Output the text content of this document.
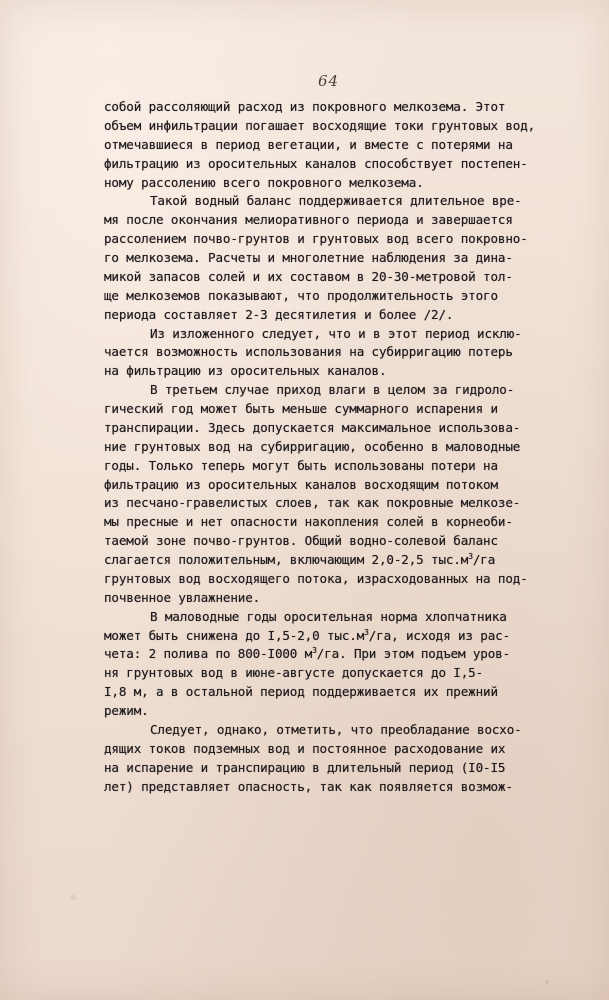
64
собой рассоляющий расход из покровного мелкозема. Этот
объем инфильтрации погашает восходящие токи грунтовых вод,
отмечавшиеся в период вегетации, и вместе с потерями на
фильтрацию из оросительных каналов способствует постепен-
ному рассолению всего покровного мелкозема.
Такой водный баланс поддерживается длительное вре-
мя после окончания мелиоративного периода и завершается
рассолением почво-грунтов и грунтовых вод всего покровно-
го мелкозема. Расчеты и многолетние наблюдения за дина-
микой запасов солей и их составом в 20-30-метровой тол-
ще мелкоземов показывают, что продолжительность этого
периода составляет 2-3 десятилетия и более /2/.
Из изложенного следует, что и в этот период исклю-
чается возможность использования на субирригацию потерь
на фильтрацию из оросительных каналов.
В третьем случае приход влаги в целом за гидроло-
гический год может быть меньше суммарного испарения и
транспирации. Здесь допускается максимальное использова-
ние грунтовых вод на субирригацию, особенно в маловодные
годы. Только теперь могут быть использованы потери на
фильтрацию из оросительных каналов восходящим потоком
из песчано-гравелистых слоев, так как покровные мелкозе-
мы пресные и нет опасности накопления солей в корнеоби-
таемой зоне почво-грунтов. Общий водно-солевой баланс
слагается положительным, включающим 2,0-2,5 $тыс.м^3/га$
грунтовых вод восходящего потока, израсходованных на под-
почвенное увлажнение.
В маловодные годы оросительная норма хлопчатника
может быть снижена до I,5-2,0 $тыс.м^3/га$, исходя из рас-
чета: 2 полива по 800-I000 $м^3/га$. При этом подъем уров-
ня грунтовых вод в июне-августе допускается до I,5-
I,8 м, а в остальной период поддерживается их прежний
режим.
Следует, однако, отметить, что преобладание восхо-
дящих токов подземных вод и постоянное расходование их
на испарение и транспирацию в длительный период (I0-I5
лет) представляет опасность, так как появляется возмож-
